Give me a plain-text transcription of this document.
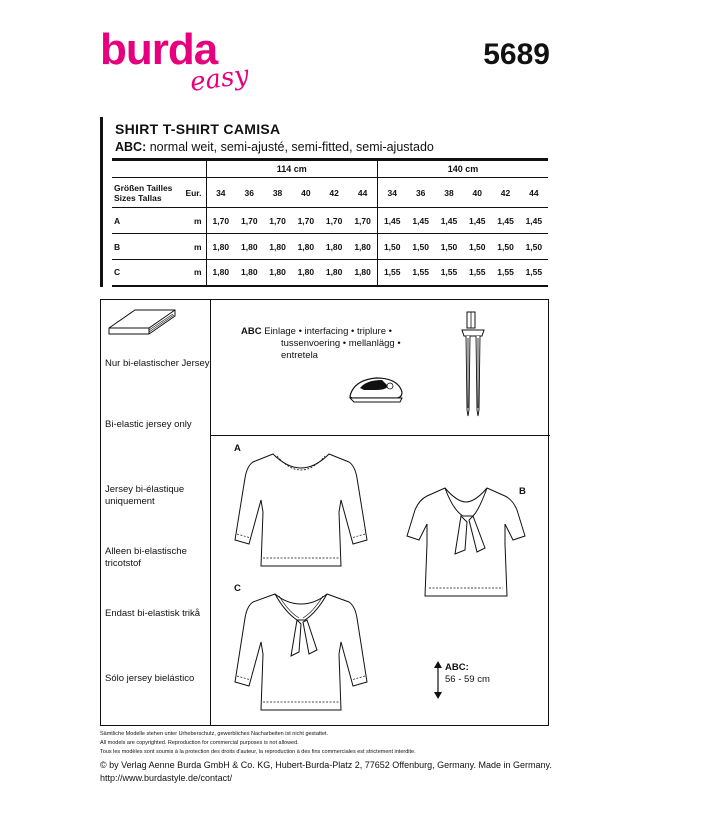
burda
easy
5689
SHIRT T-SHIRT CAMISA
ABC: normal weit, semi-ajusté, semi-fitted, semi-ajustado
		114 cm						140 cm					

Größen Tailles
Sizes Tallas	Eur.	34	36	38	40	42	44	34	36	38	40	42	44
A	m	1,70	1,70	1,70	1,70	1,70	1,70	1,45	1,45	1,45	1,45	1,45	1,45
B	m	1,80	1,80	1,80	1,80	1,80	1,80	1,50	1,50	1,50	1,50	1,50	1,50
C	m	1,80	1,80	1,80	1,80	1,80	1,80	1,55	1,55	1,55	1,55	1,55	1,55
Nur bi-elastischer Jersey
Bi-elastic jersey only
Jersey bi-élastique uniquement
Alleen bi-elastische tricotstof
Endast bi-elastisk trikå
Sólo jersey bielástico
ABC Einlage • interfacing • triplure •
tussenvoering • mellanlägg •
entretela
A
B
C
ABC:
56 - 59 cm
Sämtliche Modelle stehen unter Urheberschutz, gewerbliches Nacharbeiten ist nicht gestattet.
All models are copyrighted. Reproduction for commercial purposes is not allowed.
Tous les modèles sont soumis à la protection des droits d'auteur, la reproduction à des fins commerciales est strictement interdite.
© by Verlag Aenne Burda GmbH & Co. KG, Hubert-Burda-Platz 2, 77652 Offenburg, Germany. Made in Germany.
http://www.burdastyle.de/contact/
